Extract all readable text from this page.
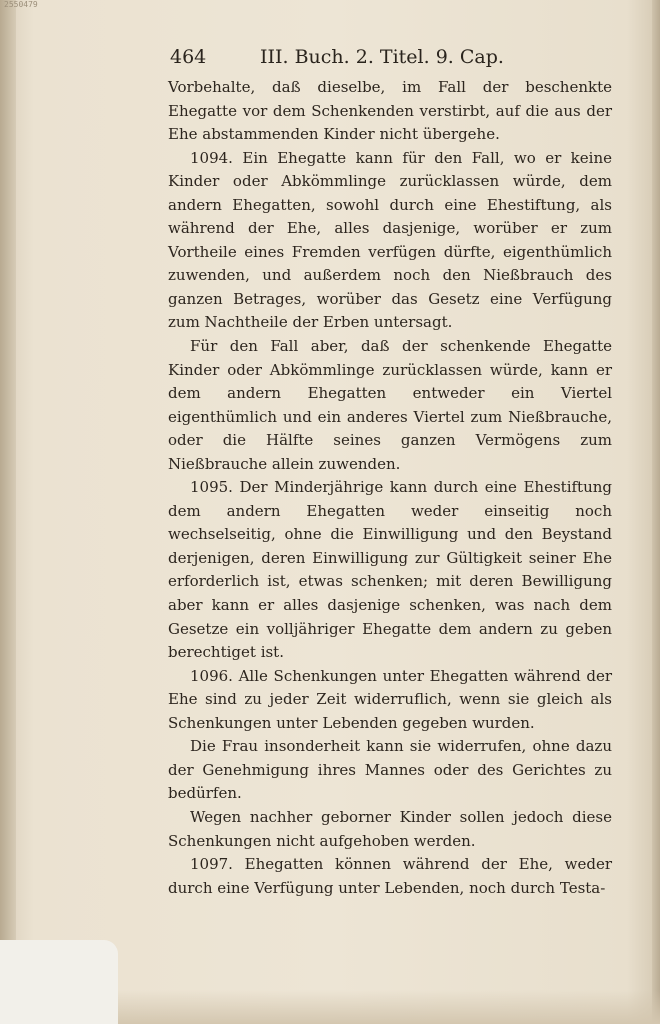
2550479
464	III. Buch. 2. Titel. 9. Cap.

Vorbehalte, daß dieselbe, im Fall der beschenkte Ehegatte vor dem Schenkenden verstirbt, auf die aus der Ehe abstammenden Kinder nicht übergehe.

1094. Ein Ehegatte kann für den Fall, wo er keine Kinder oder Abkömmlinge zurücklassen würde, dem andern Ehegatten, sowohl durch eine Ehestiftung, als während der Ehe, alles dasjenige, worüber er zum Vortheile eines Fremden verfügen dürfte, eigenthümlich zuwenden, und außerdem noch den Nießbrauch des ganzen Betrages, worüber das Gesetz eine Verfügung zum Nachtheile der Erben untersagt.

Für den Fall aber, daß der schenkende Ehegatte Kinder oder Abkömmlinge zurücklassen würde, kann er dem andern Ehegatten entweder ein Viertel eigenthümlich und ein anderes Viertel zum Nießbrauche, oder die Hälfte seines ganzen Vermögens zum Nießbrauche allein zuwenden.

1095. Der Minderjährige kann durch eine Ehestiftung dem andern Ehegatten weder einseitig noch wechselseitig, ohne die Einwilligung und den Beystand derjenigen, deren Einwilligung zur Gültigkeit seiner Ehe erforderlich ist, etwas schenken; mit deren Bewilligung aber kann er alles dasjenige schenken, was nach dem Gesetze ein volljähriger Ehegatte dem andern zu geben berechtiget ist.

1096. Alle Schenkungen unter Ehegatten während der Ehe sind zu jeder Zeit widerruflich, wenn sie gleich als Schenkungen unter Lebenden gegeben wurden.

Die Frau insonderheit kann sie widerrufen, ohne dazu der Genehmigung ihres Mannes oder des Gerichtes zu bedürfen.

Wegen nachher geborner Kinder sollen jedoch diese Schenkungen nicht aufgehoben werden.

1097. Ehegatten können während der Ehe, weder durch eine Verfügung unter Lebenden, noch durch Testa-
